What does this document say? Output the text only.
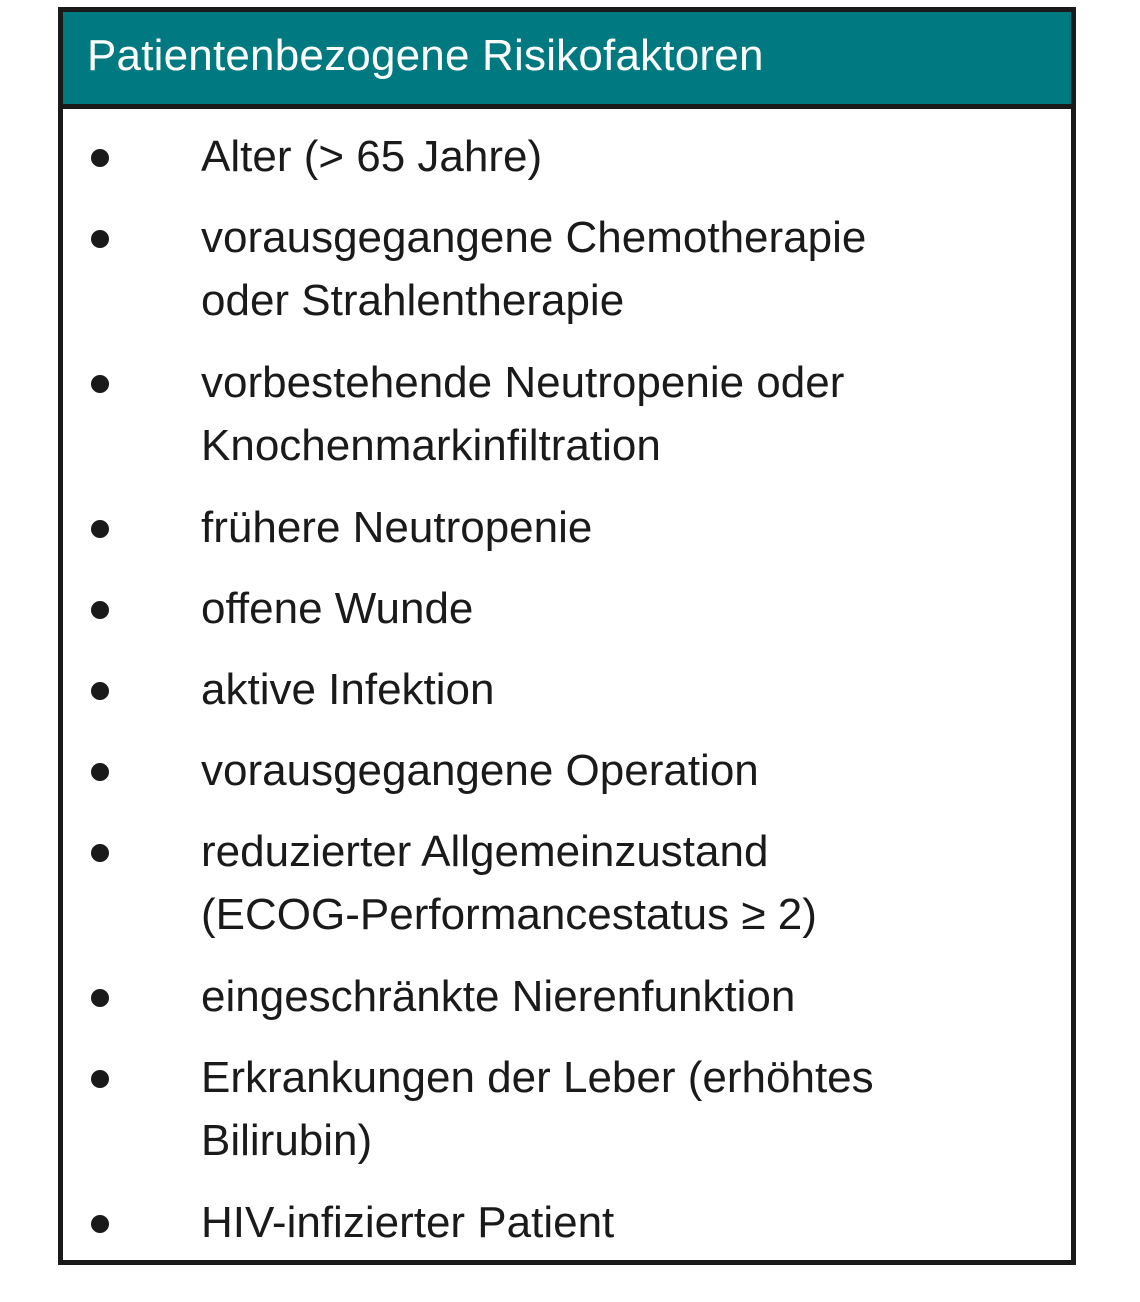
Patientenbezogene Risikofaktoren
Alter (> 65 Jahre)
vorausgegangene Chemotherapie
oder Strahlentherapie
vorbestehende Neutropenie oder
Knochenmarkinfiltration
frühere Neutropenie
offene Wunde
aktive Infektion
vorausgegangene Operation
reduzierter Allgemeinzustand
(ECOG-Performancestatus ≥ 2)
eingeschränkte Nierenfunktion
Erkrankungen der Leber (erhöhtes
Bilirubin)
HIV-infizierter Patient
